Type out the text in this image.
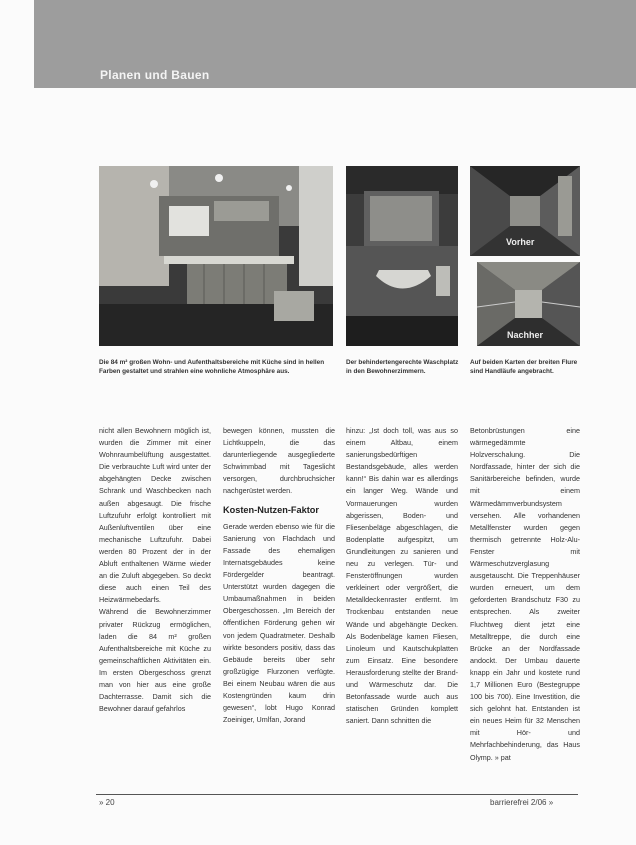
Planen und Bauen
Vorher
Nachher

Die 84 m² großen Wohn- und Aufenthaltsbereiche mit Küche sind in hellen Farben gestaltet und strahlen eine wohnliche Atmosphäre aus.

Der behindertengerechte Waschplatz in den Bewohnerzimmern.

Auf beiden Karten der breiten Flure sind Handläufe angebracht.

nicht allen Bewohnern möglich ist, wurden die Zimmer mit einer Wohnraumbelüftung ausgestattet. Die verbrauchte Luft wird unter der abgehängten Decke zwischen Schrank und Waschbecken nach außen abgesaugt. Die frische Luftzufuhr erfolgt kontrolliert mit Außenluftventilen über eine mechanische Luftzufuhr. Dabei werden 80 Prozent der in der Abluft enthaltenen Wärme wieder an die Zuluft abgegeben. So deckt diese auch einen Teil des Heizwärmebedarfs.

Während die Bewohnerzimmer privater Rückzug ermöglichen, laden die 84 m² großen Aufenthaltsbereiche mit Küche zu gemeinschaftlichen Aktivitäten ein. Im ersten Obergeschoss grenzt man von hier aus eine große Dachterrasse. Damit sich die Bewohner darauf gefahrlos

bewegen können, mussten die Lichtkuppeln, die das darunterliegende ausgegliederte Schwimmbad mit Tageslicht versorgen, durchbruchsicher nachgerüstet werden.

Kosten-Nutzen-Faktor

Gerade werden ebenso wie für die Sanierung von Flachdach und Fassade des ehemaligen Internatsgebäudes keine Fördergelder beantragt. Unterstützt wurden dagegen die Umbaumaßnahmen in beiden Obergeschossen. „Im Bereich der öffentlichen Förderung gehen wir von jedem Quadratmeter. Deshalb wirkte besonders positiv, dass das Gebäude bereits über sehr großzügige Flurzonen verfügte. Bei einem Neubau wären die aus Kostengründen kaum drin gewesen“, lobt Hugo Konrad Zoeiniger, Umlfan, Jorand

hinzu: „Ist doch toll, was aus so einem Altbau, einem sanierungsbedürftigen Bestandsgebäude, alles werden kann!“ Bis dahin war es allerdings ein langer Weg. Wände und Vormauerungen wurden abgerissen, Boden- und Fliesenbeläge abgeschlagen, die Bodenplatte aufgespitzt, um Grundleitungen zu sanieren und neu zu verlegen. Tür- und Fensteröffnungen wurden verkleinert oder vergrößert, die Metalldeckenraster entfernt. Im Trockenbau entstanden neue Wände und abgehängte Decken. Als Bodenbeläge kamen Fliesen, Linoleum und Kautschukplatten zum Einsatz. Eine besondere Herausforderung stellte der Brand- und Wärmeschutz dar. Die Betonfassade wurde auch aus statischen Gründen komplett saniert. Dann schnitten die

Betonbrüstungen eine wärmegedämmte Holzverschalung. Die Nordfassade, hinter der sich die Sanitärbereiche befinden, wurde mit einem Wärmedämmverbundsystem versehen. Alle vorhandenen Metallfenster wurden gegen thermisch getrennte Holz-Alu-Fenster mit Wärmeschutzverglasung ausgetauscht. Die Treppenhäuser wurden erneuert, um dem geforderten Brandschutz F30 zu entsprechen. Als zweiter Fluchtweg dient jetzt eine Metalltreppe, die durch eine Brücke an der Nordfassade andockt. Der Umbau dauerte knapp ein Jahr und kostete rund 1,7 Millionen Euro (Bestegruppe 100 bis 700). Eine Investition, die sich gelohnt hat. Entstanden ist ein neues Heim für 32 Menschen mit Hör- und Mehrfachbehinderung, das Haus Olymp. » pat

» 20	barrierefrei 2/06 »
